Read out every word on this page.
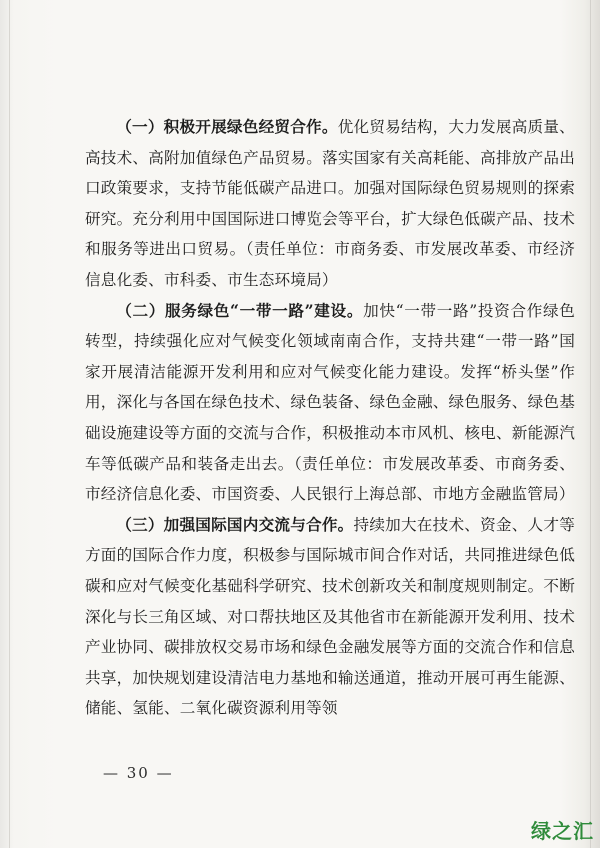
（一）积极开展绿色经贸合作。优化贸易结构，大力发展高质量、高技术、高附加值绿色产品贸易。落实国家有关高耗能、高排放产品出口政策要求，支持节能低碳产品进口。加强对国际绿色贸易规则的探索研究。充分利用中国国际进口博览会等平台，扩大绿色低碳产品、技术和服务等进出口贸易。（责任单位：市商务委、市发展改革委、市经济信息化委、市科委、市生态环境局）

（二）服务绿色“一带一路”建设。加快“一带一路”投资合作绿色转型，持续强化应对气候变化领域南南合作，支持共建“一带一路”国家开展清洁能源开发利用和应对气候变化能力建设。发挥“桥头堡”作用，深化与各国在绿色技术、绿色装备、绿色金融、绿色服务、绿色基础设施建设等方面的交流与合作，积极推动本市风机、核电、新能源汽车等低碳产品和装备走出去。（责任单位：市发展改革委、市商务委、市经济信息化委、市国资委、人民银行上海总部、市地方金融监管局）

（三）加强国际国内交流与合作。持续加大在技术、资金、人才等方面的国际合作力度，积极参与国际城市间合作对话，共同推进绿色低碳和应对气候变化基础科学研究、技术创新攻关和制度规则制定。不断深化与长三角区域、对口帮扶地区及其他省市在新能源开发利用、技术产业协同、碳排放权交易市场和绿色金融发展等方面的交流合作和信息共享，加快规划建设清洁电力基地和输送通道，推动开展可再生能源、储能、氢能、二氧化碳资源利用等领

— 30 —
绿之汇
